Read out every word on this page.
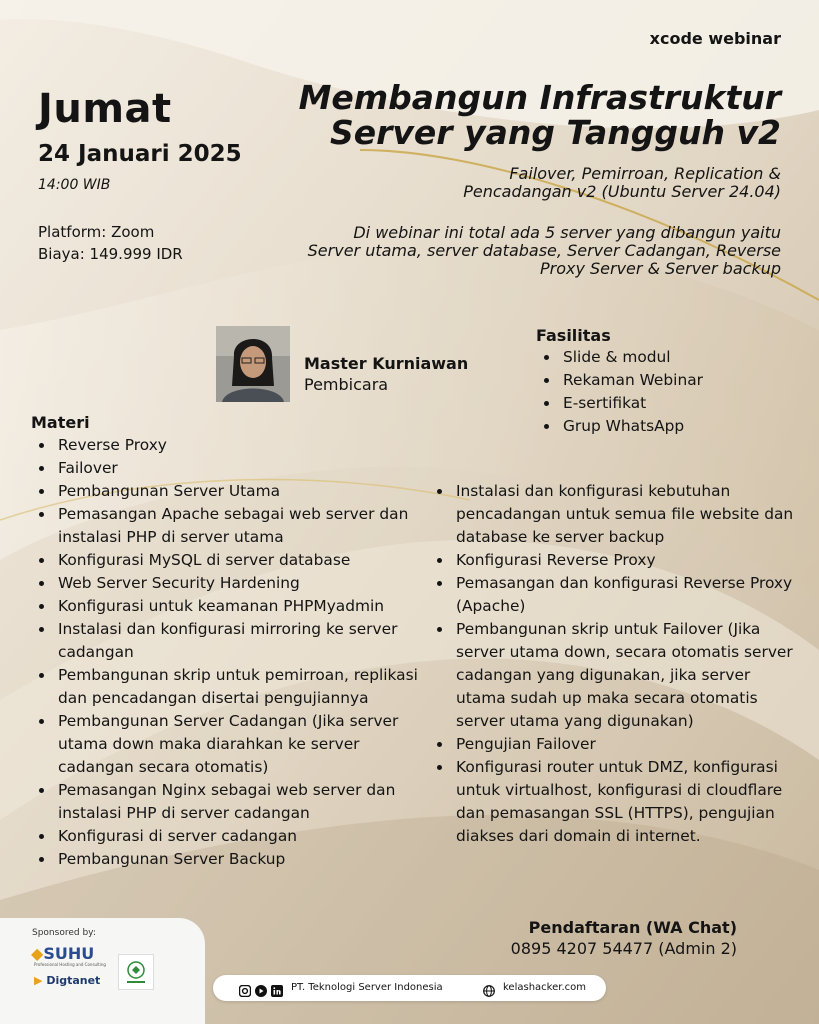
xcode webinar
Jumat
24 Januari 2025
14:00 WIB
Platform: Zoom
Biaya: 149.999 IDR
Membangun Infrastruktur
Server yang Tangguh v2
Failover, Pemirroan, Replication &
Pencadangan v2 (Ubuntu Server 24.04)
Di webinar ini total ada 5 server yang dibangun yaitu
Server utama, server database, Server Cadangan, Reverse
Proxy Server & Server backup
Master Kurniawan
Pembicara
Fasilitas
Slide & modul
Rekaman Webinar
E-sertifikat
Grup WhatsApp
Materi
Reverse Proxy
Failover
Pembangunan Server Utama
Pemasangan Apache sebagai web server dan instalasi PHP di server utama
Konfigurasi MySQL di server database
Web Server Security Hardening
Konfigurasi untuk keamanan PHPMyadmin
Instalasi dan konfigurasi mirroring ke server cadangan
Pembangunan skrip untuk pemirroan, replikasi dan pencadangan disertai pengujiannya
Pembangunan Server Cadangan (Jika server utama down maka diarahkan ke server cadangan secara otomatis)
Pemasangan Nginx sebagai web server dan instalasi PHP di server cadangan
Konfigurasi di server cadangan
Pembangunan Server Backup
Instalasi dan konfigurasi kebutuhan pencadangan untuk semua file website dan database ke server backup
Konfigurasi Reverse Proxy
Pemasangan dan konfigurasi Reverse Proxy (Apache)
Pembangunan skrip untuk Failover (Jika server utama down, secara otomatis server cadangan yang digunakan, jika server utama sudah up maka secara otomatis server utama yang digunakan)
Pengujian Failover
Konfigurasi router untuk DMZ, konfigurasi untuk virtualhost, konfigurasi di cloudflare dan pemasangan SSL (HTTPS), pengujian diakses dari domain di internet.
Pendaftaran (WA Chat)
0895 4207 54477 (Admin 2)
Sponsored by:
◆SUHU
Professional Hosting and Consulting
▶ Digtanet
PT. Teknologi Server Indonesia	kelashacker.com
